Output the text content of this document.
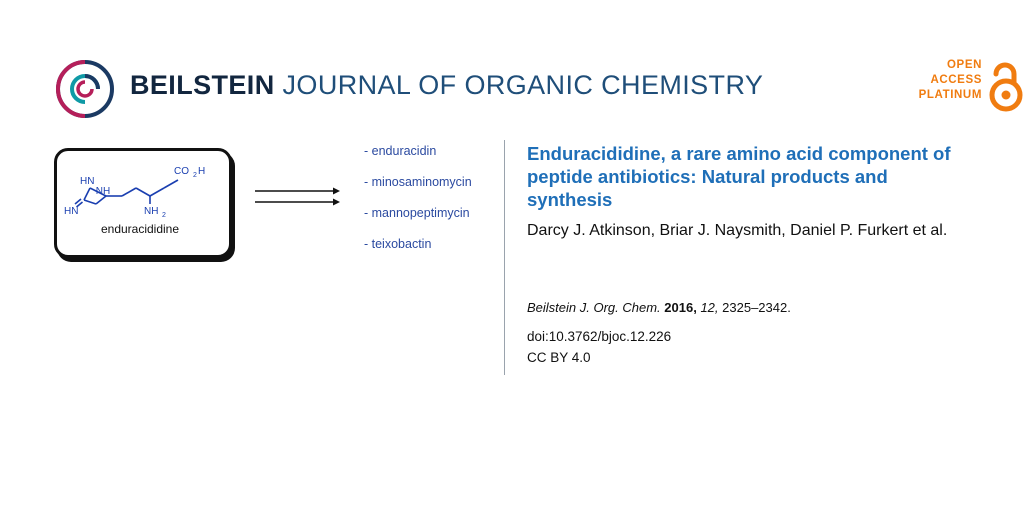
BEILSTEIN JOURNAL OF ORGANIC CHEMISTRY
OPEN
ACCESS
PLATINUM
HN
NH
HN	NH 2
CO 2 H
enduracididine
- enduracidin
- minosaminomycin
- mannopeptimycin
- teixobactin
Enduracididine, a rare amino acid component of peptide antibiotics: Natural products and synthesis
Darcy J. Atkinson, Briar J. Naysmith, Daniel P. Furkert et al.
Beilstein J. Org. Chem. 2016, 12, 2325–2342.
doi:10.3762/bjoc.12.226
CC BY 4.0
